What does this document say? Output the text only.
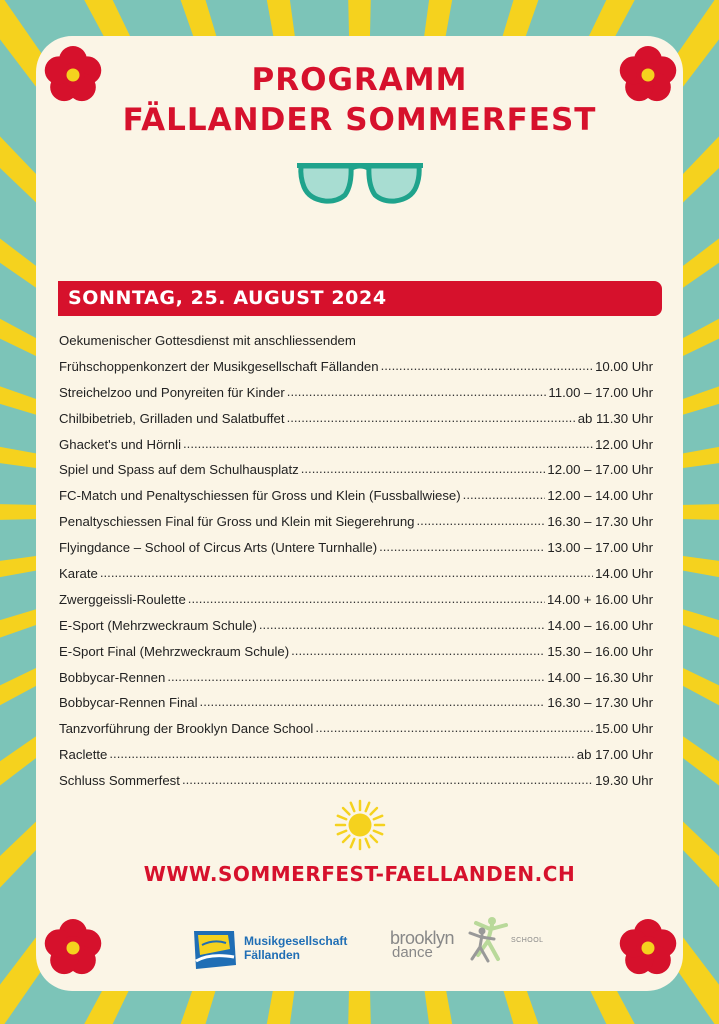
PROGRAMM
FÄLLANDER SOMMERFEST
SONNTAG, 25. AUGUST 2024
Oekumenischer Gottesdienst mit anschliessendem
Frühschoppenkonzert der Musikgesellschaft Fällanden .....	10.00 Uhr
Streichelzoo und Ponyreiten für Kinder .....	11.00 – 17.00 Uhr
Chilbibetrieb, Grilladen und Salatbuffet .....	ab 11.30 Uhr
Ghacket's und Hörnli .....	12.00 Uhr
Spiel und Spass auf dem Schulhausplatz .....	12.00 – 17.00 Uhr
FC-Match und Penaltyschiessen für Gross und Klein (Fussballwiese) .....	12.00 – 14.00 Uhr
Penaltyschiessen Final für Gross und Klein mit Siegerehrung .....	16.30 – 17.30 Uhr
Flyingdance – School of Circus Arts (Untere Turnhalle) .....	13.00 – 17.00 Uhr
Karate .....	14.00 Uhr
Zwerggeissli-Roulette .....	14.00 + 16.00 Uhr
E-Sport (Mehrzweckraum Schule) .....	14.00 – 16.00 Uhr
E-Sport Final (Mehrzweckraum Schule) .....	15.30 – 16.00 Uhr
Bobbycar-Rennen .....	14.00 – 16.30 Uhr
Bobbycar-Rennen Final .....	16.30 – 17.30 Uhr
Tanzvorführung der Brooklyn Dance School .....	15.00 Uhr
Raclette .....	ab 17.00 Uhr
Schluss Sommerfest .....	19.30 Uhr
WWW.SOMMERFEST-FAELLANDEN.CH
Musikgesellschaft
Fällanden
brooklyn
dance
SCHOOL
